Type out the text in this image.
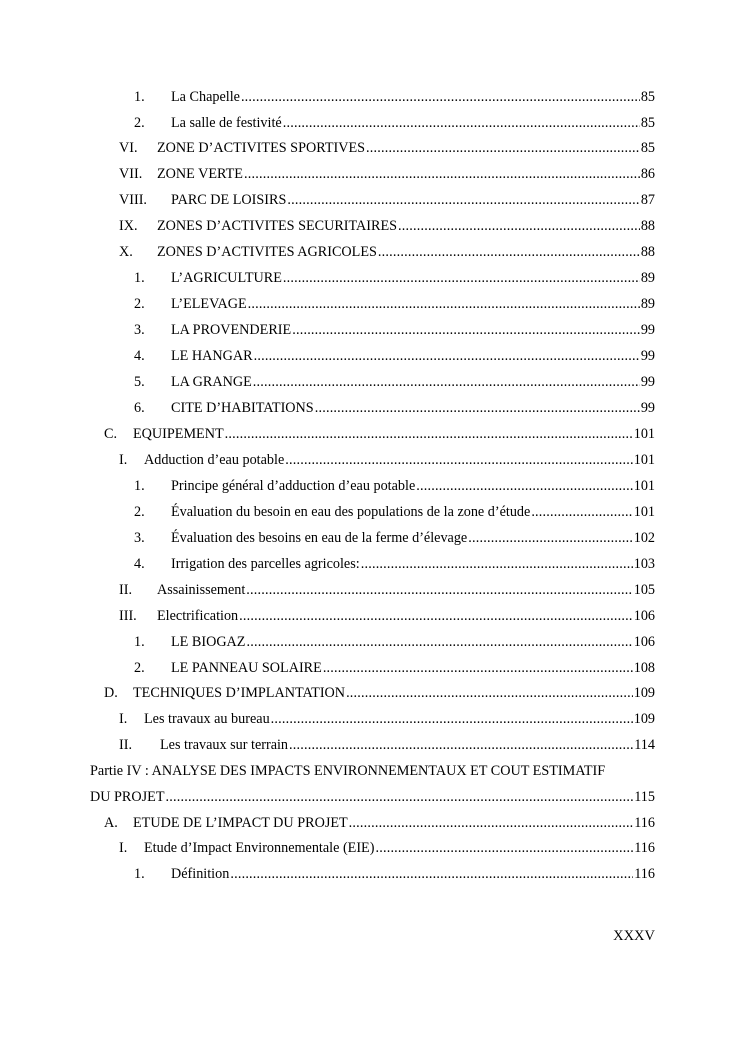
1. La Chapelle .....	85
2. La salle de festivité .....	85
VI. ZONE D’ACTIVITES SPORTIVES .....	85
VII. ZONE VERTE .....	86
VIII. PARC DE LOISIRS .....	87
IX. ZONES D’ACTIVITES SECURITAIRES .....	88
X. ZONES D’ACTIVITES AGRICOLES .....	88
1. L’AGRICULTURE .....	89
2. L’ELEVAGE .....	89
3. LA PROVENDERIE .....	99
4. LE HANGAR .....	99
5. LA GRANGE .....	99
6. CITE D’HABITATIONS .....	99
C. EQUIPEMENT .....	101
I. Adduction d’eau potable .....	101
1. Principe général d’adduction d’eau potable .....	101
2. Évaluation du besoin en eau des populations de la zone d’étude .....	101
3. Évaluation des besoins en eau de la ferme d’élevage .....	102
4. Irrigation des parcelles agricoles: .....	103
II. Assainissement .....	105
III. Electrification .....	106
1. LE BIOGAZ .....	106
2. LE PANNEAU SOLAIRE .....	108
D. TECHNIQUES D’IMPLANTATION .....	109
I. Les travaux au bureau .....	109
II. Les travaux sur terrain .....	114
Partie IV : ANALYSE DES IMPACTS ENVIRONNEMENTAUX ET COUT ESTIMATIF
DU PROJET .....	115
A. ETUDE DE L’IMPACT DU PROJET .....	116
I. Etude d’Impact Environnementale (EIE) .....	116
1. Définition .....	116
XXXV
